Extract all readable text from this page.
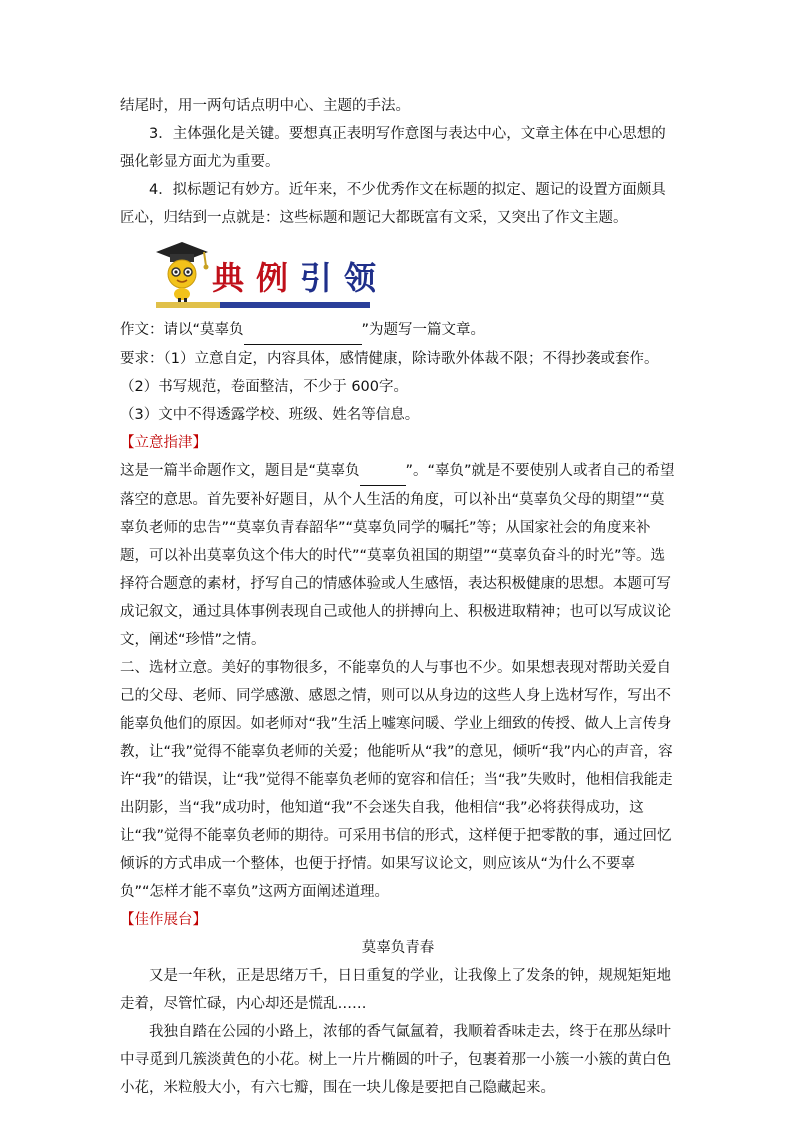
结尾时，用一两句话点明中心、主题的手法。

3．主体强化是关键。要想真正表明写作意图与表达中心，文章主体在中心思想的强化彰显方面尤为重要。

4．拟标题记有妙方。近年来，不少优秀作文在标题的拟定、题记的设置方面颇具匠心，归结到一点就是：这些标题和题记大都既富有文采，又突出了作文主题。

典例引领

作文：请以“莫辜负	”为题写一篇文章。

要求：（1）立意自定，内容具体，感情健康，除诗歌外体裁不限；不得抄袭或套作。

（2）书写规范，卷面整洁，不少于 600字。

（3）文中不得透露学校、班级、姓名等信息。

【立意指津】

这是一篇半命题作文，题目是“莫辜负	”。“辜负”就是不要使别人或者自己的希望落空的意思。首先要补好题目，从个人生活的角度，可以补出“莫辜负父母的期望”“莫辜负老师的忠告”“莫辜负青春韶华”“莫辜负同学的嘱托”等；从国家社会的角度来补题，可以补出莫辜负这个伟大的时代”“莫辜负祖国的期望”“莫辜负奋斗的时光”等。选择符合题意的素材，抒写自己的情感体验或人生感悟，表达积极健康的思想。本题可写成记叙文，通过具体事例表现自己或他人的拼搏向上、积极进取精神；也可以写成议论文，阐述“珍惜”之情。

二、选材立意。美好的事物很多，不能辜负的人与事也不少。如果想表现对帮助关爱自己的父母、老师、同学感激、感恩之情，则可以从身边的这些人身上选材写作，写出不能辜负他们的原因。如老师对“我”生活上嘘寒问暖、学业上细致的传授、做人上言传身教，让“我”觉得不能辜负老师的关爱；他能听从“我”的意见，倾听“我”内心的声音，容许“我”的错误，让“我”觉得不能辜负老师的宽容和信任；当“我”失败时，他相信我能走出阴影，当“我”成功时，他知道“我”不会迷失自我，他相信“我”必将获得成功，这让“我”觉得不能辜负老师的期待。可采用书信的形式，这样便于把零散的事，通过回忆倾诉的方式串成一个整体，也便于抒情。如果写议论文，则应该从“为什么不要辜负”“怎样才能不辜负”这两方面阐述道理。

【佳作展台】

莫辜负青春

又是一年秋，正是思绪万千，日日重复的学业，让我像上了发条的钟，规规矩矩地走着，尽管忙碌，内心却还是慌乱……

我独自踏在公园的小路上，浓郁的香气氤氲着，我顺着香味走去，终于在那丛绿叶中寻觅到几簇淡黄色的小花。树上一片片椭圆的叶子，包裹着那一小簇一小簇的黄白色小花，米粒般大小，有六七瓣，围在一块儿像是要把自己隐藏起来。
